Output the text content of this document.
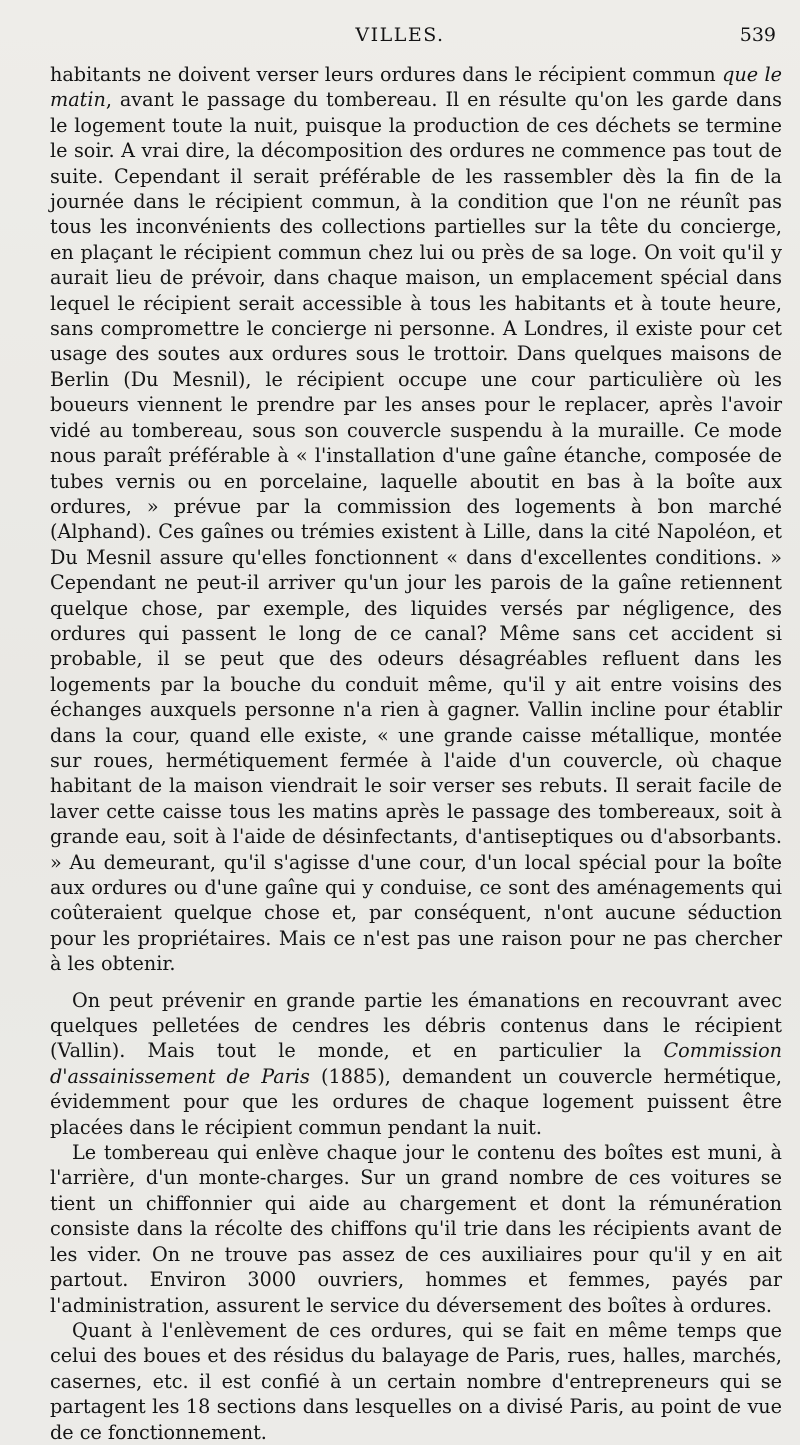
VILLES.	539

habitants ne doivent verser leurs ordures dans le récipient commun que le matin, avant le passage du tombereau. Il en résulte qu'on les garde dans le logement toute la nuit, puisque la production de ces déchets se termine le soir. A vrai dire, la décomposition des ordures ne commence pas tout de suite. Cependant il serait préférable de les rassembler dès la fin de la journée dans le récipient commun, à la condition que l'on ne réunît pas tous les inconvénients des collections partielles sur la tête du concierge, en plaçant le récipient commun chez lui ou près de sa loge. On voit qu'il y aurait lieu de prévoir, dans chaque maison, un emplacement spécial dans lequel le récipient serait accessible à tous les habitants et à toute heure, sans compromettre le concierge ni personne. A Londres, il existe pour cet usage des soutes aux ordures sous le trottoir. Dans quelques maisons de Berlin (Du Mesnil), le récipient occupe une cour particulière où les boueurs viennent le prendre par les anses pour le replacer, après l'avoir vidé au tombereau, sous son couvercle suspendu à la muraille. Ce mode nous paraît préférable à « l'installation d'une gaîne étanche, composée de tubes vernis ou en porcelaine, laquelle aboutit en bas à la boîte aux ordures, » prévue par la commission des logements à bon marché (Alphand). Ces gaînes ou trémies existent à Lille, dans la cité Napoléon, et Du Mesnil assure qu'elles fonctionnent « dans d'excellentes conditions. » Cependant ne peut-il arriver qu'un jour les parois de la gaîne retiennent quelque chose, par exemple, des liquides versés par négligence, des ordures qui passent le long de ce canal? Même sans cet accident si probable, il se peut que des odeurs désagréables refluent dans les logements par la bouche du conduit même, qu'il y ait entre voisins des échanges auxquels personne n'a rien à gagner. Vallin incline pour établir dans la cour, quand elle existe, « une grande caisse métallique, montée sur roues, hermétiquement fermée à l'aide d'un couvercle, où chaque habitant de la maison viendrait le soir verser ses rebuts. Il serait facile de laver cette caisse tous les matins après le passage des tombereaux, soit à grande eau, soit à l'aide de désinfectants, d'antiseptiques ou d'absorbants. » Au demeurant, qu'il s'agisse d'une cour, d'un local spécial pour la boîte aux ordures ou d'une gaîne qui y conduise, ce sont des aménagements qui coûteraient quelque chose et, par conséquent, n'ont aucune séduction pour les propriétaires. Mais ce n'est pas une raison pour ne pas chercher à les obtenir.

On peut prévenir en grande partie les émanations en recouvrant avec quelques pelletées de cendres les débris contenus dans le récipient (Vallin). Mais tout le monde, et en particulier la Commission d'assainissement de Paris (1885), demandent un couvercle hermétique, évidemment pour que les ordures de chaque logement puissent être placées dans le récipient commun pendant la nuit.

Le tombereau qui enlève chaque jour le contenu des boîtes est muni, à l'arrière, d'un monte-charges. Sur un grand nombre de ces voitures se tient un chiffonnier qui aide au chargement et dont la rémunération consiste dans la récolte des chiffons qu'il trie dans les récipients avant de les vider. On ne trouve pas assez de ces auxiliaires pour qu'il y en ait partout. Environ 3000 ouvriers, hommes et femmes, payés par l'administration, assurent le service du déversement des boîtes à ordures.

Quant à l'enlèvement de ces ordures, qui se fait en même temps que celui des boues et des résidus du balayage de Paris, rues, halles, marchés, casernes, etc. il est confié à un certain nombre d'entrepreneurs qui se partagent les 18 sections dans lesquelles on a divisé Paris, au point de vue de ce fonctionnement.
